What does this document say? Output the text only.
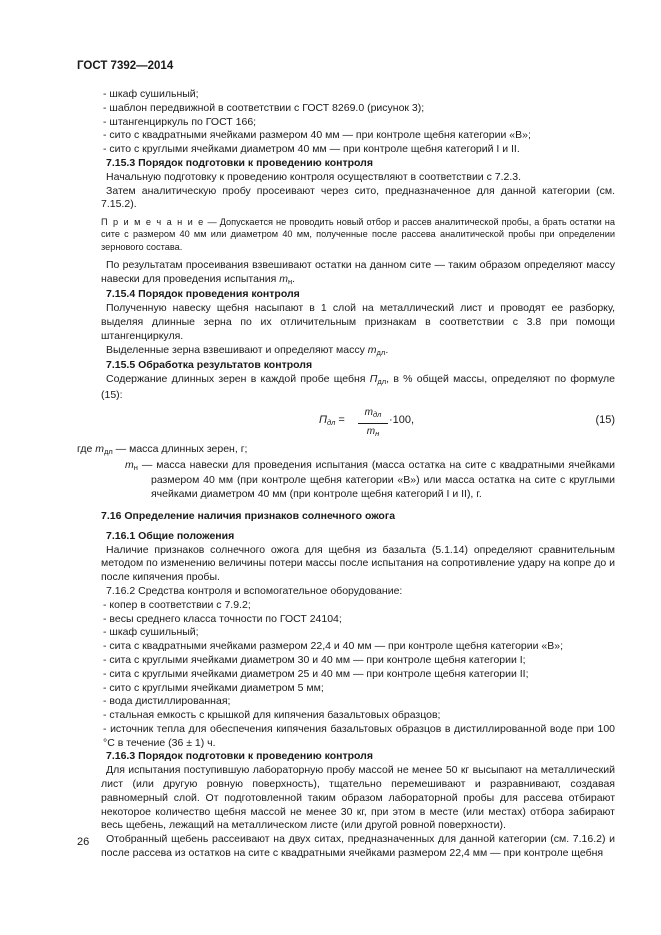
ГОСТ 7392—2014

- шкаф сушильный;

- шаблон передвижной в соответствии с ГОСТ 8269.0 (рисунок 3);

- штангенциркуль по ГОСТ 166;

- сито с квадратными ячейками размером 40 мм — при контроле щебня категории «В»;

- сито с круглыми ячейками диаметром 40 мм — при контроле щебня категорий I и II.

7.15.3 Порядок подготовки к проведению контроля

Начальную подготовку к проведению контроля осуществляют в соответствии с 7.2.3.

Затем аналитическую пробу просеивают через сито, предназначенное для данной категории (см. 7.15.2).

П р и м е ч а н и е — Допускается не проводить новый отбор и рассев аналитической пробы, а брать остатки на сите с размером 40 мм или диаметром 40 мм, полученные после рассева аналитической пробы при определении зернового состава.

По результатам просеивания взвешивают остатки на данном сите — таким образом определяют массу навески для проведения испытания $m_н$.

7.15.4 Порядок проведения контроля

Полученную навеску щебня насыпают в 1 слой на металлический лист и проводят ее разборку, выделяя длинные зерна по их отличительным признакам в соответствии с 3.8 при помощи штангенциркуля.

Выделенные зерна взвешивают и определяют массу $m_{дл}$.

7.15.5 Обработка результатов контроля

Содержание длинных зерен в каждой пробе щебня $П_{дл}$, в % общей массы, определяют по формуле (15):

$П_{дл}$ =
$m_{дл}$
$m_н$
·100,	(15)

где $m_{дл}$ — масса длинных зерен, г;

$m_н$ — масса навески для проведения испытания (масса остатка на сите с квадратными ячейками размером 40 мм (при контроле щебня категории «В») или масса остатка на сите с круглыми ячейками диаметром 40 мм (при контроле щебня категорий I и II), г.

7.16 Определение наличия признаков солнечного ожога

7.16.1 Общие положения

Наличие признаков солнечного ожога для щебня из базальта (5.1.14) определяют сравнительным методом по изменению величины потери массы после испытания на сопротивление удару на копре до и после кипячения пробы.

7.16.2 Средства контроля и вспомогательное оборудование:

- копер в соответствии с 7.9.2;

- весы среднего класса точности по ГОСТ 24104;

- шкаф сушильный;

- сита с квадратными ячейками размером 22,4 и 40 мм — при контроле щебня категории «В»;

- сита с круглыми ячейками диаметром 30 и 40 мм — при контроле щебня категории I;

- сита с круглыми ячейками диаметром 25 и 40 мм — при контроле щебня категории II;

- сито с круглыми ячейками диаметром 5 мм;

- вода дистиллированная;

- стальная емкость с крышкой для кипячения базальтовых образцов;

- источник тепла для обеспечения кипячения базальтовых образцов в дистиллированной воде при 100 °С в течение (36 ± 1) ч.

7.16.3 Порядок подготовки к проведению контроля

Для испытания поступившую лабораторную пробу массой не менее 50 кг высыпают на металлический лист (или другую ровную поверхность), тщательно перемешивают и разравнивают, создавая равномерный слой. От подготовленной таким образом лабораторной пробы для рассева отбирают некоторое количество щебня массой не менее 30 кг, при этом в месте (или местах) отбора забирают весь щебень, лежащий на металлическом листе (или другой ровной поверхности).

Отобранный щебень рассеивают на двух ситах, предназначенных для данной категории (см. 7.16.2) и после рассева из остатков на сите с квадратными ячейками размером 22,4 мм — при контроле щебня

26
